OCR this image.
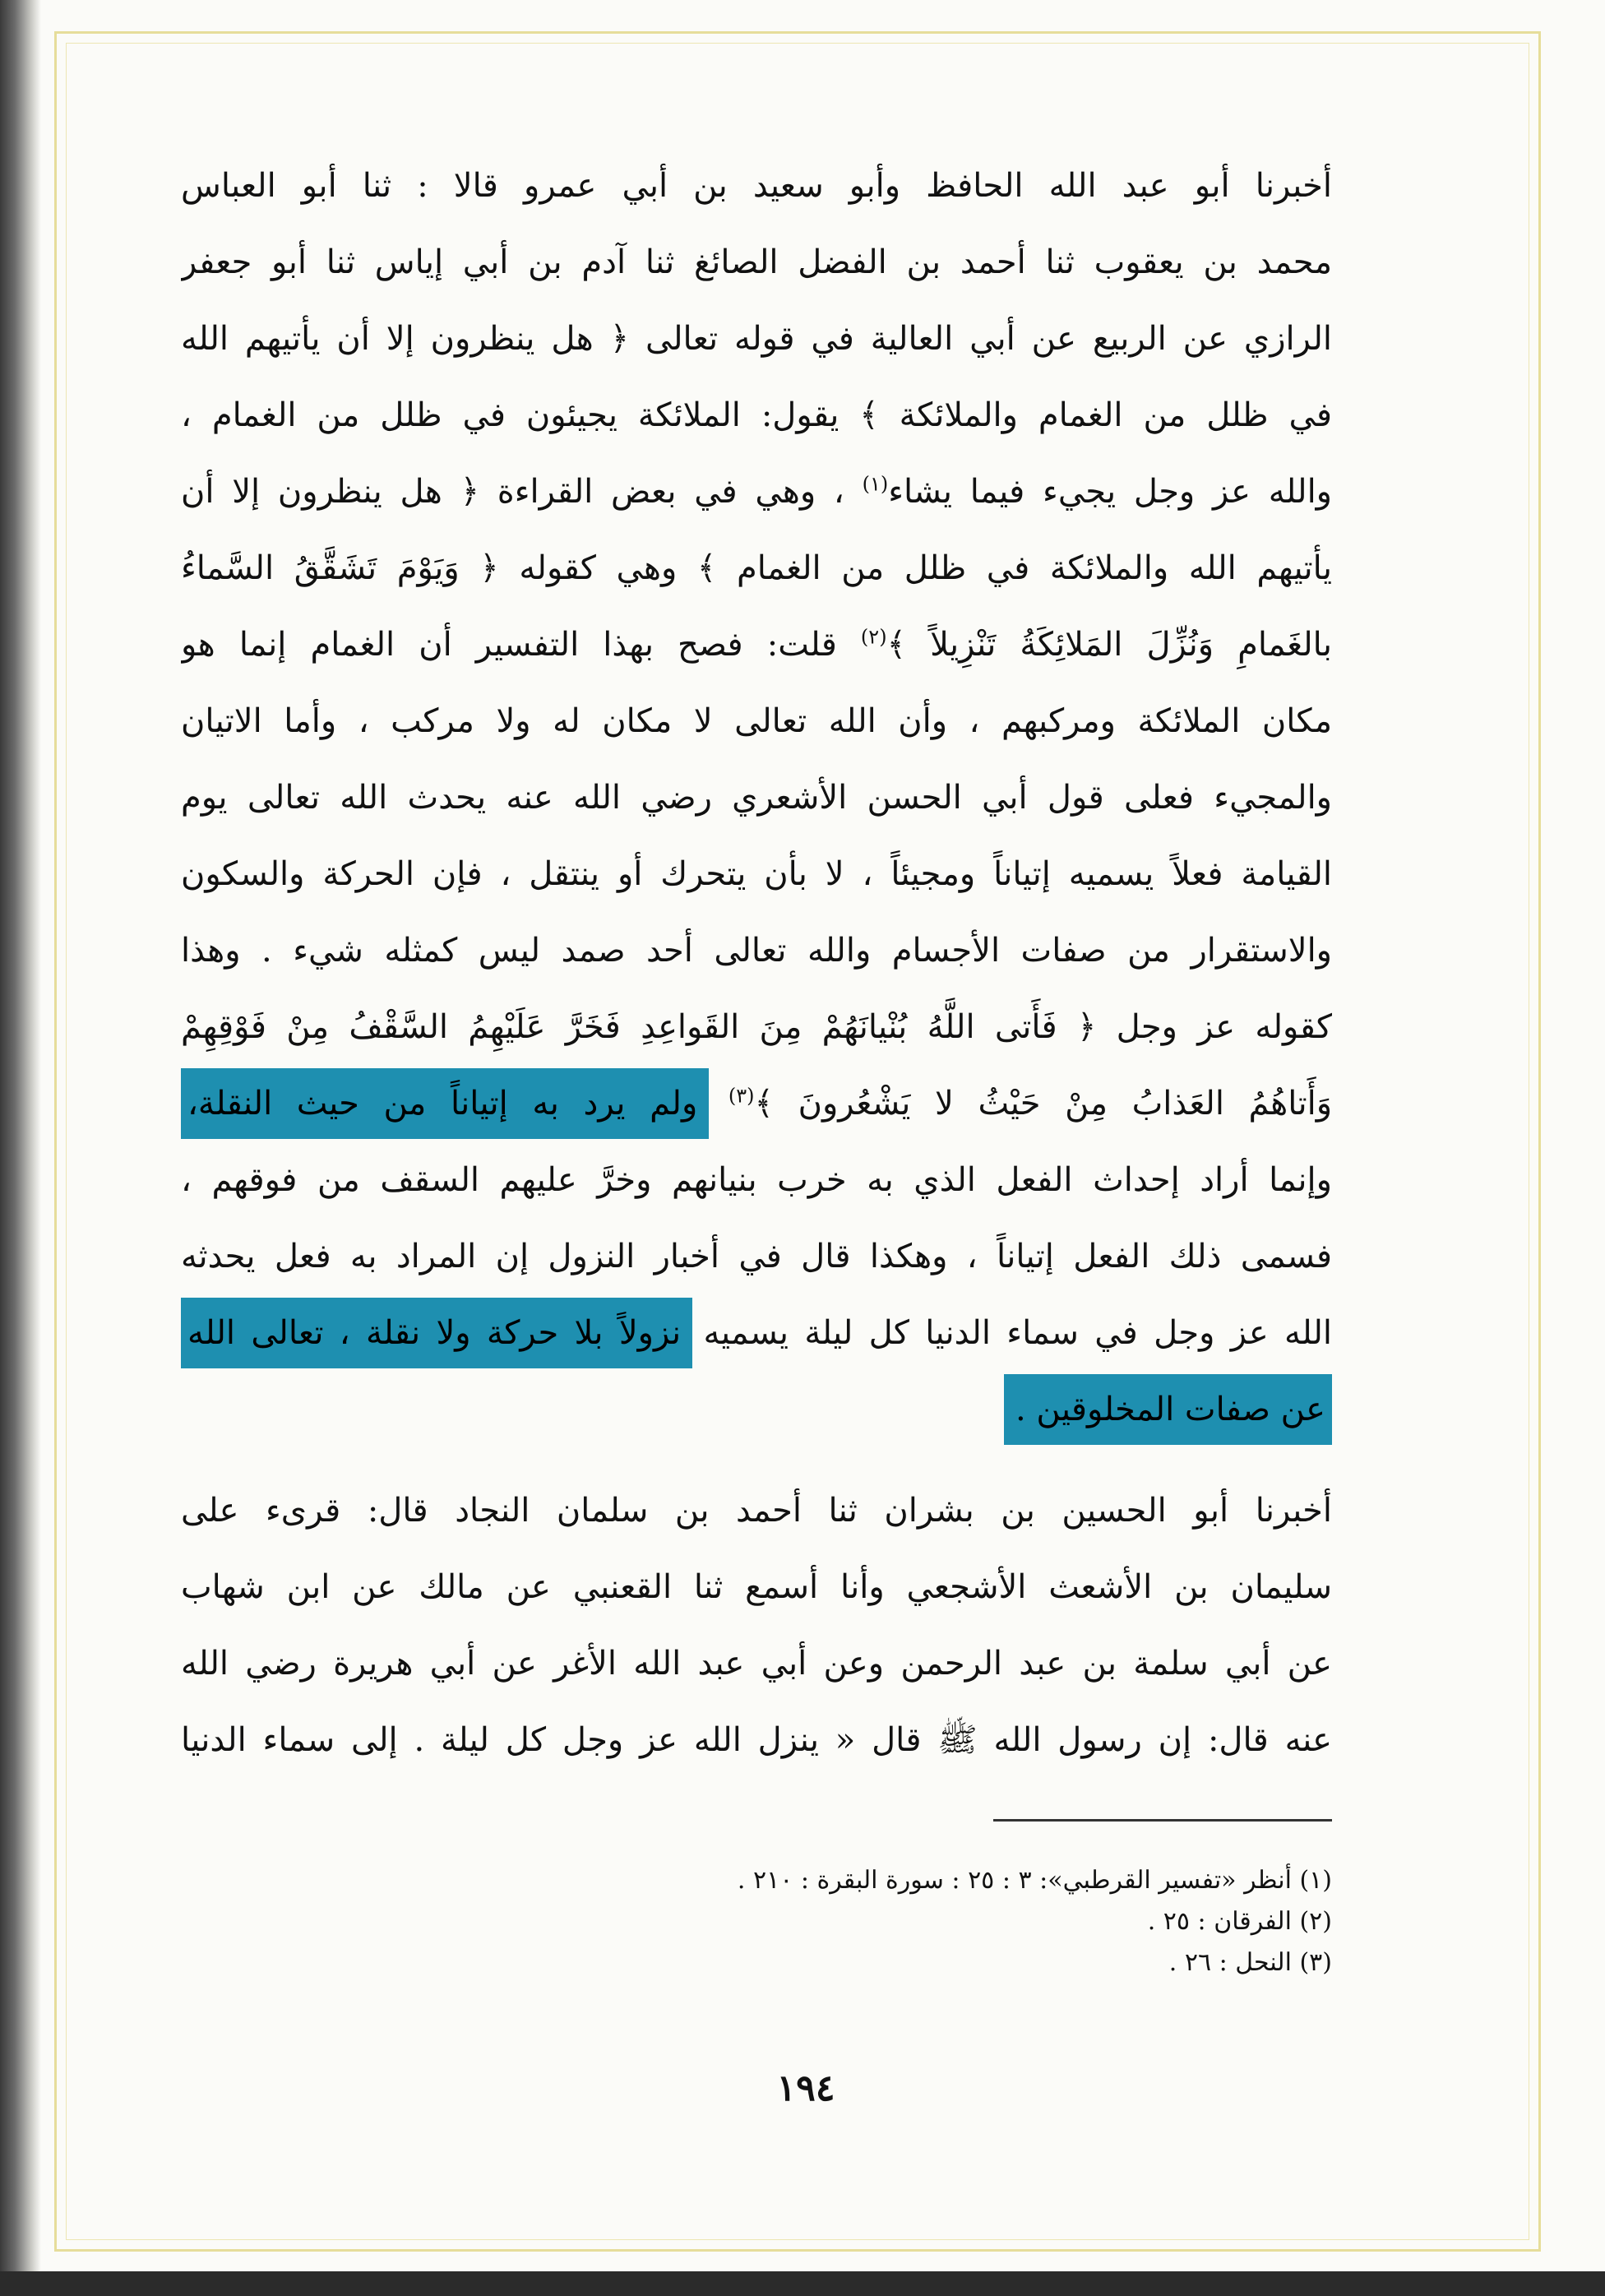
أخبرنا أبو عبد الله الحافظ وأبو سعيد بن أبي عمرو قالا : ثنا أبو العباس
محمد بن يعقوب ثنا أحمد بن الفضل الصائغ ثنا آدم بن أبي إياس ثنا أبو جعفر
الرازي عن الربيع عن أبي العالية في قوله تعالى ﴿ هل ينظرون إلا أن يأتيهم الله
في ظلل من الغمام والملائكة ﴾ يقول: الملائكة يجيئون في ظلل من الغمام ،
والله عز وجل يجيء فيما يشاء$^{(١)}$ ، وهي في بعض القراءة ﴿ هل ينظرون إلا أن
يأتيهم الله والملائكة في ظلل من الغمام ﴾ وهي كقوله ﴿ وَيَوْمَ تَشَقَّقُ السَّماءُ
بالغَمامِ وَنُزِّلَ المَلائِكَةُ تَنْزِيلاً ﴾$^{(٢)}$ قلت: فصح بهذا التفسير أن الغمام إنما هو
مكان الملائكة ومركبهم ، وأن الله تعالى لا مكان له ولا مركب ، وأما الاتيان
والمجيء فعلى قول أبي الحسن الأشعري رضي الله عنه يحدث الله تعالى يوم
القيامة فعلاً يسميه إتياناً ومجيئاً ، لا بأن يتحرك أو ينتقل ، فإن الحركة والسكون
والاستقرار من صفات الأجسام والله تعالى أحد صمد ليس كمثله شيء . وهذا
كقوله عز وجل ﴿ فَأَتى اللَّهُ بُنْيانَهُمْ مِنَ القَواعِدِ فَخَرَّ عَلَيْهِمُ السَّقْفُ مِنْ فَوْقِهِمْ
وَأَتاهُمُ العَذابُ مِنْ حَيْثُ لا يَشْعُرونَ ﴾$^{(٣)}$ ولم يرد به إتياناً من حيث النقلة،
وإنما أراد إحداث الفعل الذي به خرب بنيانهم وخرَّ عليهم السقف من فوقهم ،
فسمى ذلك الفعل إتياناً ، وهكذا قال في أخبار النزول إن المراد به فعل يحدثه
الله عز وجل في سماء الدنيا كل ليلة يسميه نزولاً بلا حركة ولا نقلة ، تعالى الله
عن صفات المخلوقين .
أخبرنا أبو الحسين بن بشران ثنا أحمد بن سلمان النجاد قال: قرىء على
سليمان بن الأشعث الأشجعي وأنا أسمع ثنا القعنبي عن مالك عن ابن شهاب
عن أبي سلمة بن عبد الرحمن وعن أبي عبد الله الأغر عن أبي هريرة رضي الله
عنه قال: إن رسول الله ﷺ قال « ينزل الله عز وجل كل ليلة . إلى سماء الدنيا
(١) أنظر «تفسير القرطبي»: ٣ : ٢٥ : سورة البقرة : ٢١٠ .
(٢) الفرقان : ٢٥ .
(٣) النحل : ٢٦ .
١٩٤
